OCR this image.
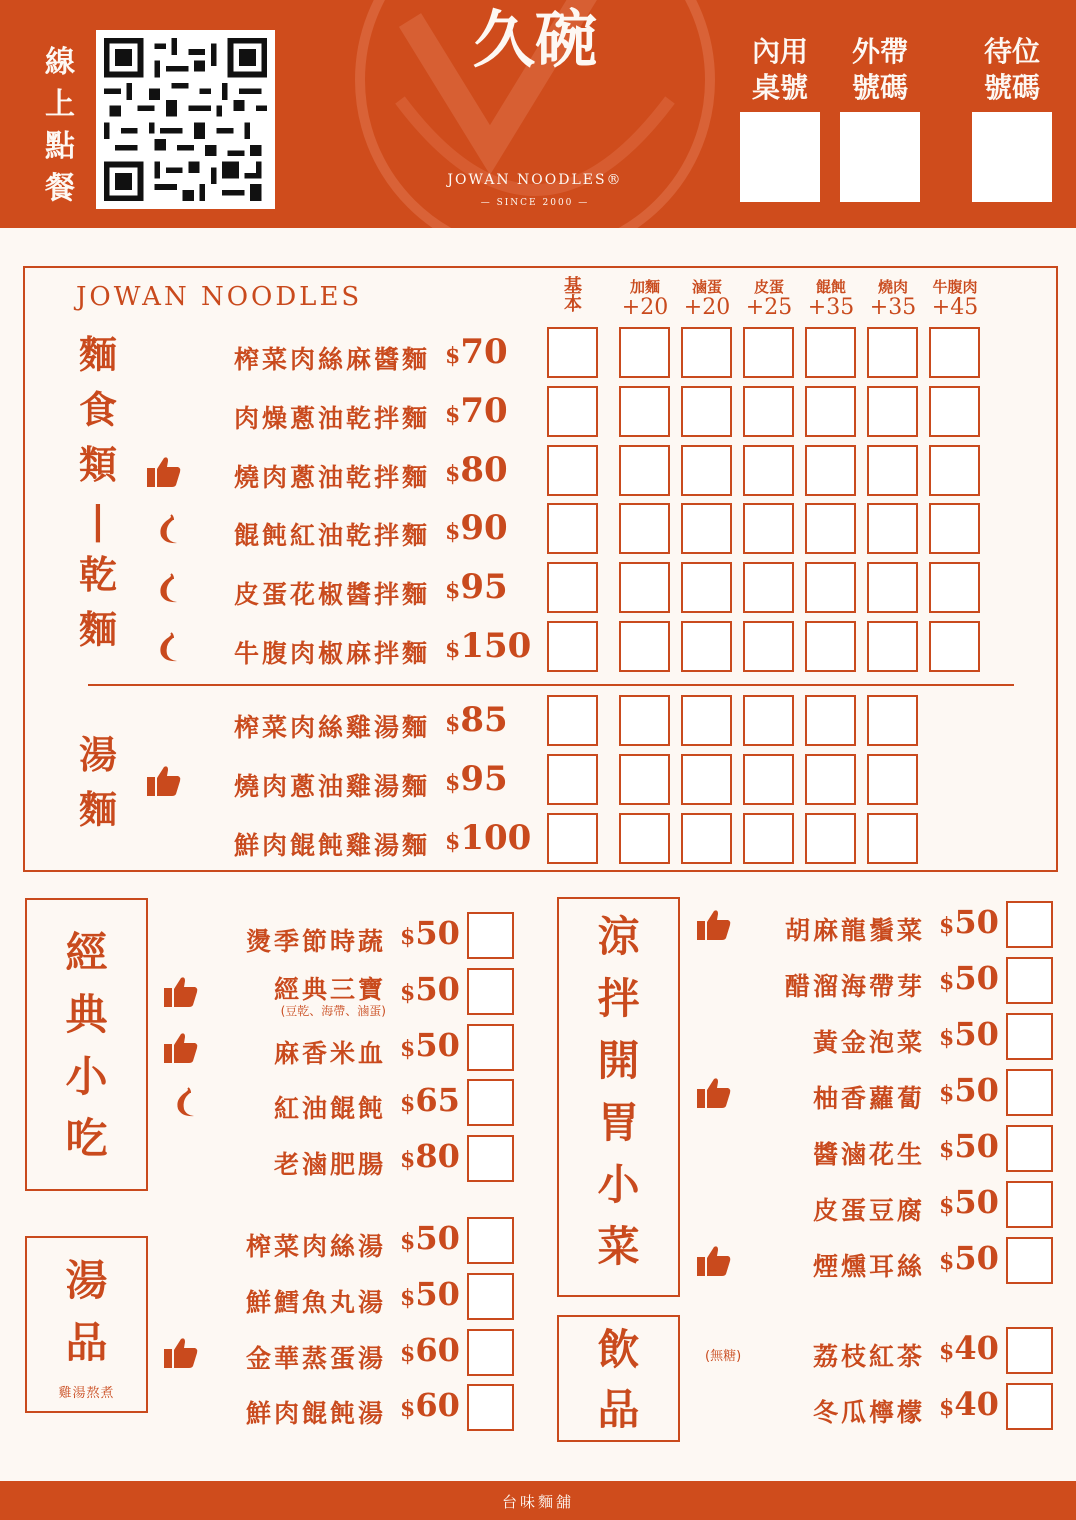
線上點餐
久碗
JOWAN NOODLES®
— SINCE 2000 —
內用桌號
外帶號碼
待位號碼
JOWAN NOODLES
麵
食
類
|
乾
麵
湯
麵
基本
加麵
+20
滷蛋
+20
皮蛋
+25
餛飩
+35
燒肉
+35
牛腹肉
+45
榨菜肉絲麻醬麵 $70
肉燥蔥油乾拌麵 $70
燒肉蔥油乾拌麵 $80
餛飩紅油乾拌麵 $90
皮蛋花椒醬拌麵 $95
牛腹肉椒麻拌麵 $150
榨菜肉絲雞湯麵 $85
燒肉蔥油雞湯麵 $95
鮮肉餛飩雞湯麵 $100
經
典
小
吃
燙季節時蔬 $50
經典三寶
(豆乾、海帶、滷蛋)
$50
麻香米血 $50
紅油餛飩 $65
老滷肥腸 $80
湯
品
雞湯熬煮
榨菜肉絲湯 $50
鮮鱈魚丸湯 $50
金華蒸蛋湯 $60
鮮肉餛飩湯 $60
涼
拌
開
胃
小
菜
胡麻龍鬚菜 $50
醋溜海帶芽 $50
黃金泡菜 $50
柚香蘿蔔 $50
醬滷花生 $50
皮蛋豆腐 $50
煙燻耳絲 $50
飲
品
荔枝紅茶
(無糖)	$40
冬瓜檸檬 $40
台味麵舖
